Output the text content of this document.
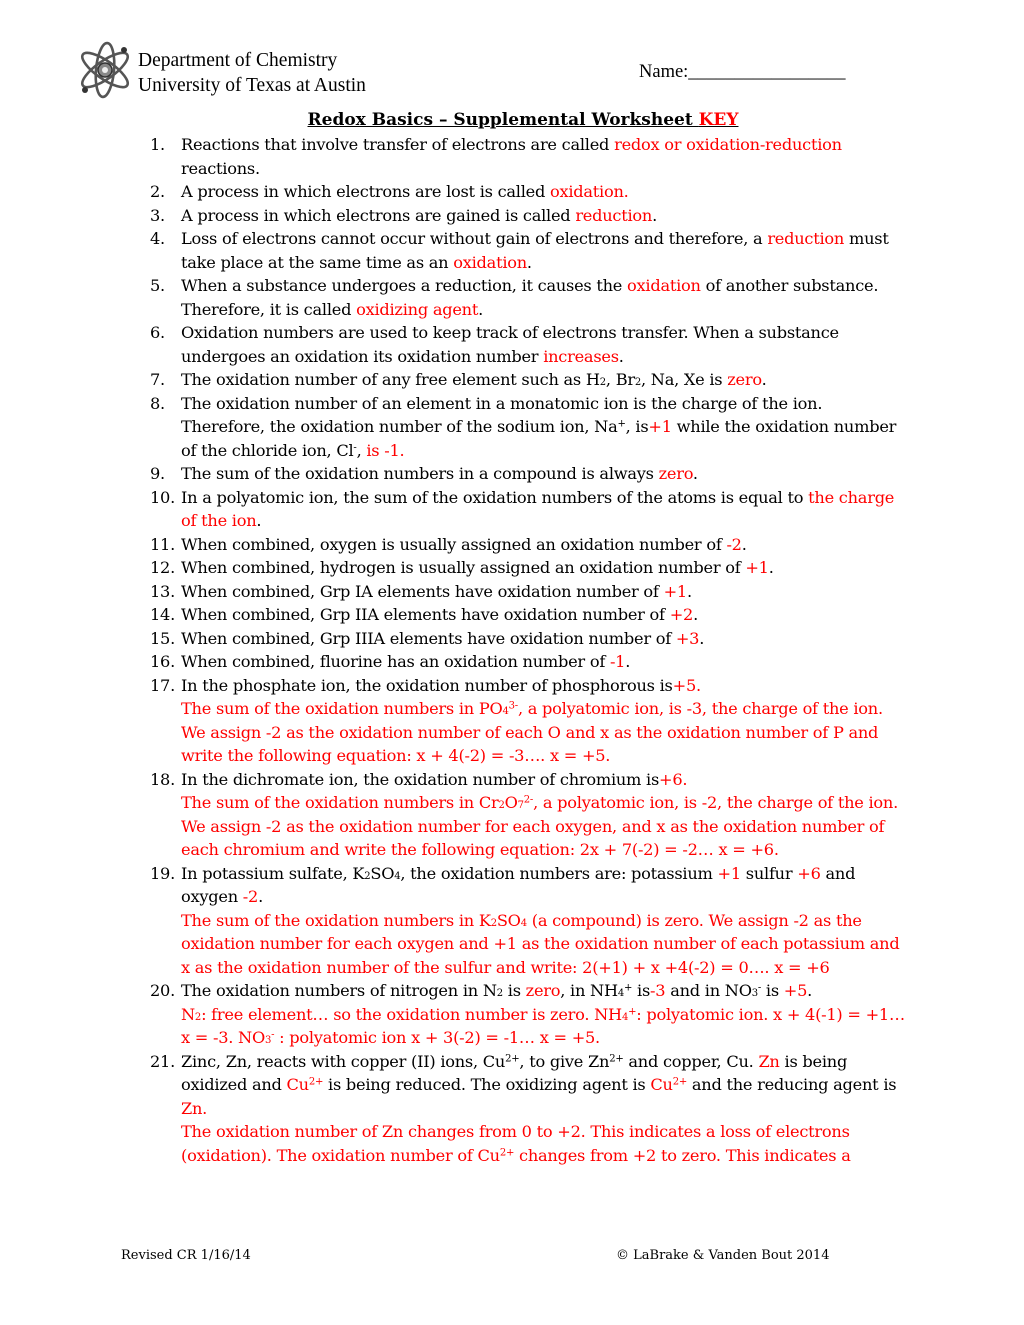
Department of Chemistry
University of Texas at Austin
Name:_________________
Redox Basics – Supplemental Worksheet KEY
1. Reactions that involve transfer of electrons are called redox or oxidation-reduction reactions.
2. A process in which electrons are lost is called oxidation.
3. A process in which electrons are gained is called reduction.
4. Loss of electrons cannot occur without gain of electrons and therefore, a reduction must take place at the same time as an oxidation.
5. When a substance undergoes a reduction, it causes the oxidation of another substance. Therefore, it is called oxidizing agent.
6. Oxidation numbers are used to keep track of electrons transfer. When a substance undergoes an oxidation its oxidation number increases.
7. The oxidation number of any free element such as H2, Br2, Na, Xe is zero.
8. The oxidation number of an element in a monatomic ion is the charge of the ion. Therefore, the oxidation number of the sodium ion, Na+, is+1 while the oxidation number of the chloride ion, Cl-, is -1.
9. The sum of the oxidation numbers in a compound is always zero.
10. In a polyatomic ion, the sum of the oxidation numbers of the atoms is equal to the charge of the ion.
11. When combined, oxygen is usually assigned an oxidation number of -2.
12. When combined, hydrogen is usually assigned an oxidation number of +1.
13. When combined, Grp IA elements have oxidation number of +1.
14. When combined, Grp IIA elements have oxidation number of +2.
15. When combined, Grp IIIA elements have oxidation number of +3.
16. When combined, fluorine has an oxidation number of -1.
17. In the phosphate ion, the oxidation number of phosphorous is+5.
The sum of the oxidation numbers in $PO4^{3-}$, a polyatomic ion, is -3, the charge of the ion. We assign -2 as the oxidation number of each O and x as the oxidation number of P and write the following equation: x + 4(-2) = -3…. x = +5.
18. In the dichromate ion, the oxidation number of chromium is+6.
The sum of the oxidation numbers in $Cr2O7^{2-}$, a polyatomic ion, is -2, the charge of the ion. We assign -2 as the oxidation number for each oxygen, and x as the oxidation number of each chromium and write the following equation: 2x + 7(-2) = -2… x = +6.
19. In potassium sulfate, K2SO4, the oxidation numbers are: potassium +1 sulfur +6 and oxygen -2.
The sum of the oxidation numbers in K2SO4 (a compound) is zero. We assign -2 as the oxidation number for each oxygen and +1 as the oxidation number of each potassium and x as the oxidation number of the sulfur and write: 2(+1) + x +4(-2) = 0…. x = +6
20. The oxidation numbers of nitrogen in N2 is zero, in NH4+ is-3 and in NO3- is +5.
N2: free element… so the oxidation number is zero. NH4+: polyatomic ion. x + 4(-1) = +1… x = -3. NO3- : polyatomic ion x + 3(-2) = -1… x = +5.
21. Zinc, Zn, reacts with copper (II) ions, $Cu^{2+}$, to give $Zn^{2+}$ and copper, Cu. Zn is being oxidized and $Cu^{2+}$ is being reduced. The oxidizing agent is $Cu^{2+}$ and the reducing agent is Zn.
The oxidation number of Zn changes from 0 to +2. This indicates a loss of electrons (oxidation). The oxidation number of $Cu^{2+}$ changes from +2 to zero. This indicates a
Revised CR 1/16/14	© LaBrake & Vanden Bout 2014
